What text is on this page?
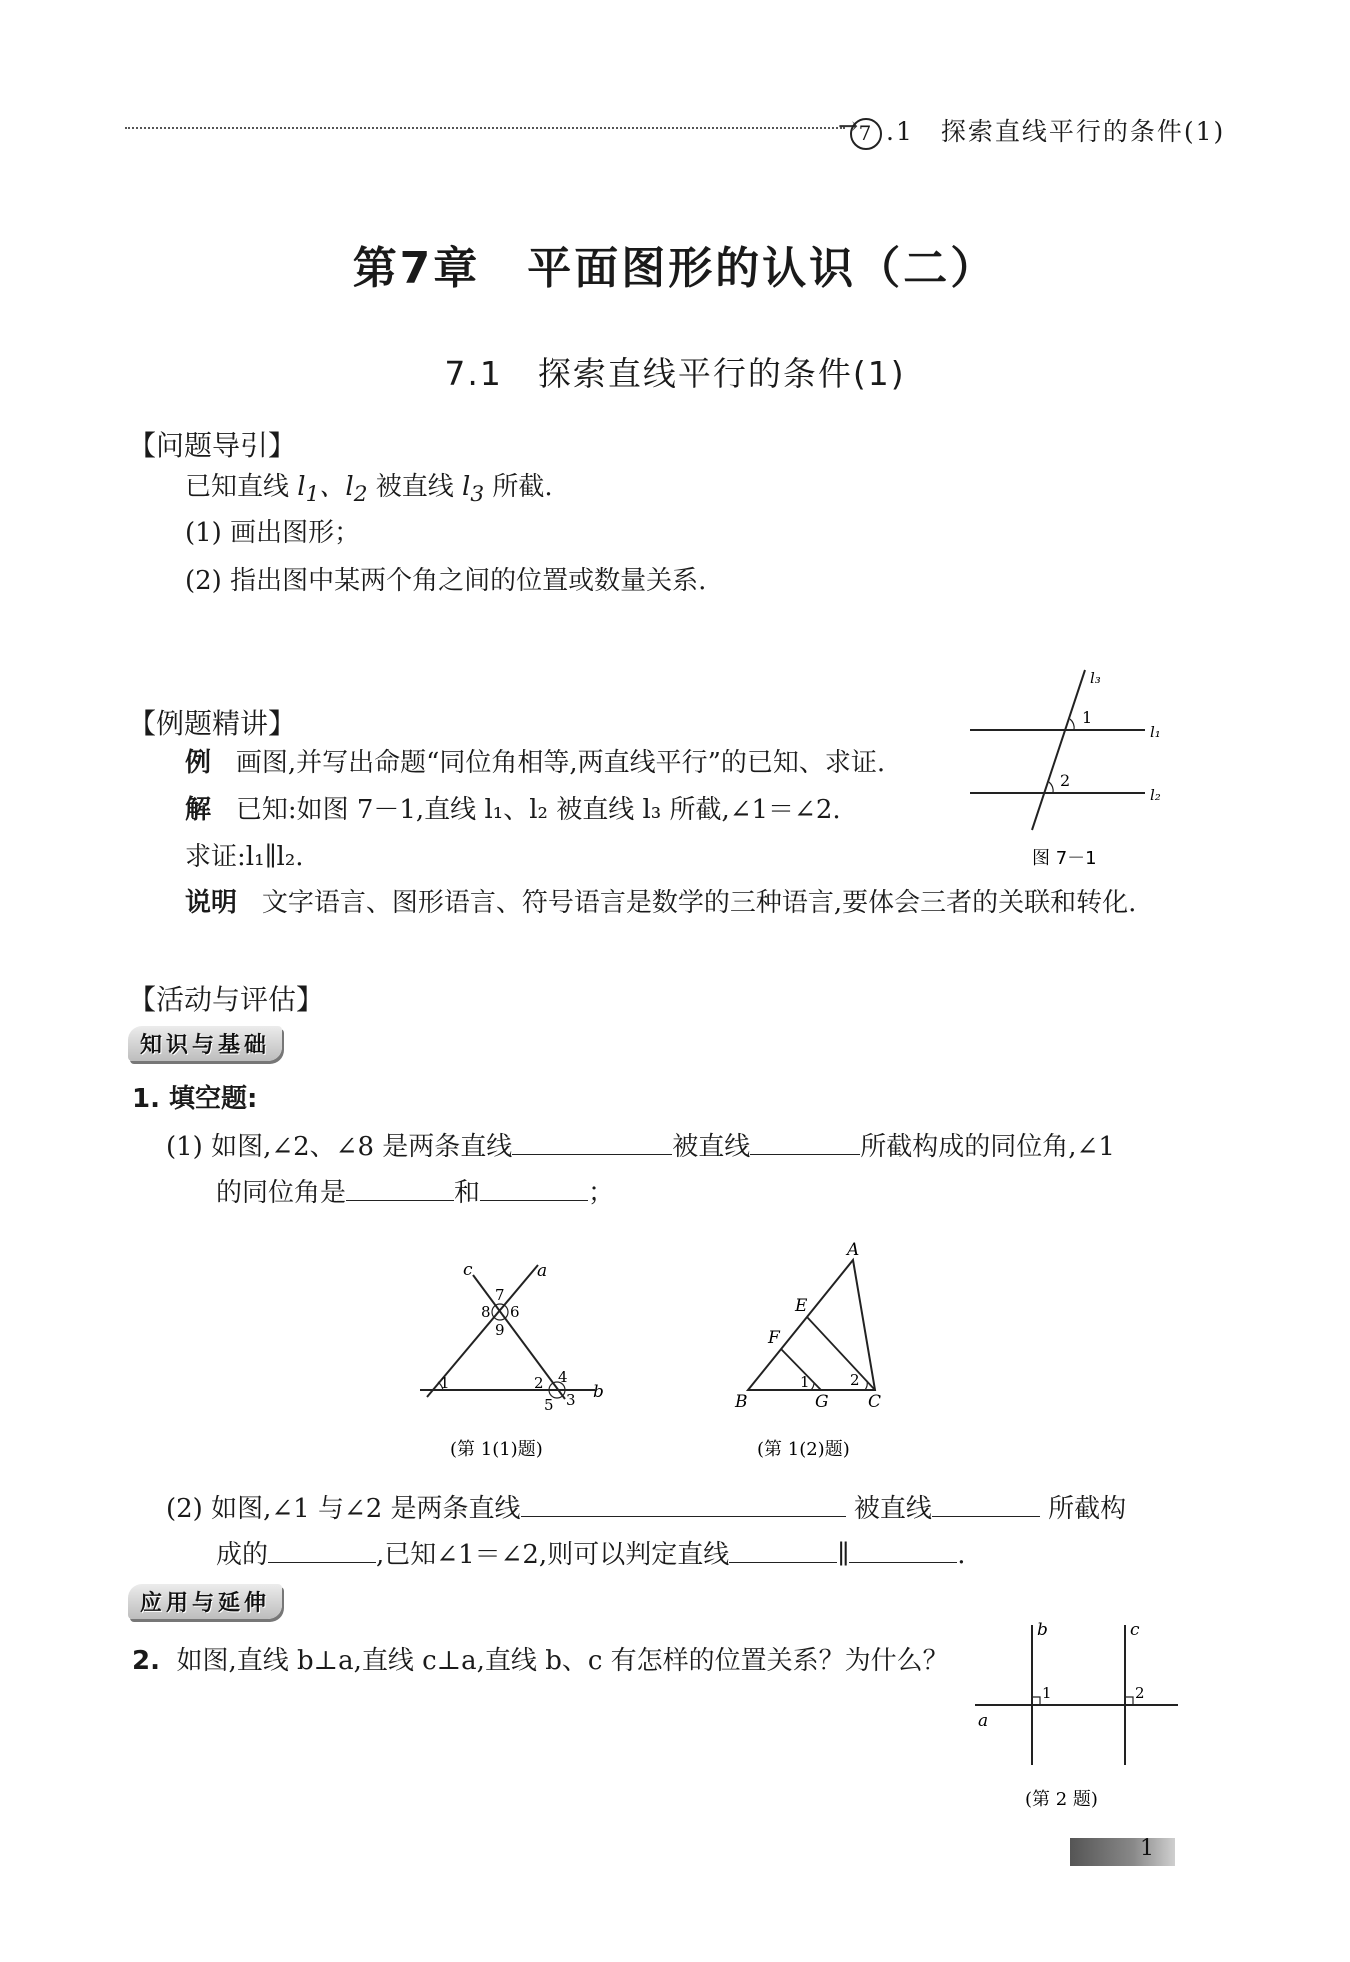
→ 7 .1　探索直线平行的条件(1)
第7章　平面图形的认识（二）
7.1　探索直线平行的条件(1)
【问题导引】
已知直线 $l_1$、$l_2$ 被直线 $l_3$ 所截.
(1) 画出图形；
(2) 指出图中某两个角之间的位置或数量关系.
【例题精讲】
例 画图,并写出命题“同位角相等,两直线平行”的已知、求证.
解 已知:如图 7－1,直线 l₁、l₂ 被直线 l₃ 所截,∠1＝∠2.
求证:l₁∥l₂.
说明 文字语言、图形语言、符号语言是数学的三种语言,要体会三者的关联和转化.
l₃
l₁
l₂
1
2
图 7－1
【活动与评估】
知识与基础
1. 填空题:
(1) 如图,∠2、∠8 是两条直线	被直线	所截构成的同位角,∠1
的同位角是	和	；
c	a
b
7
8 6
9
1	2 4
5 3
(第 1(1)题)
A
E
F
B	G C
1	2
(第 1(2)题)
(2) 如图,∠1 与∠2 是两条直线	被直线	所截构
成的	,已知∠1＝∠2,则可以判定直线	∥	.
应用与延伸
2. 如图,直线 b⊥a,直线 c⊥a,直线 b、c 有怎样的位置关系？为什么？
a
b	c
1	2
(第 2 题)
1
